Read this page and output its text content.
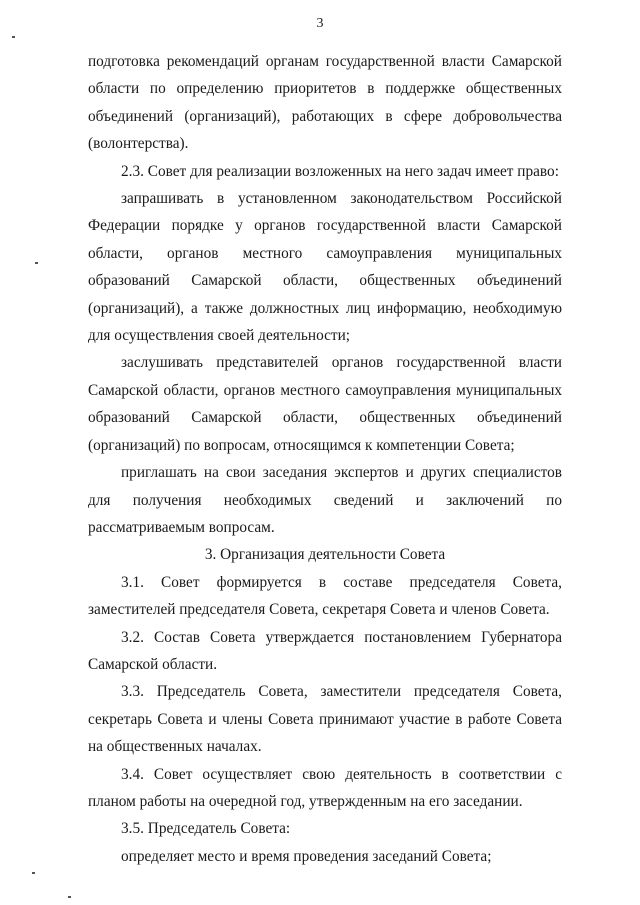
3

подготовка рекомендаций органам государственной власти Самарской области по определению приоритетов в поддержке общественных объединений (организаций), работающих в сфере добровольчества (волонтерства).

2.3. Совет для реализации возложенных на него задач имеет право:

запрашивать в установленном законодательством Российской Федерации порядке у органов государственной власти Самарской области, органов местного самоуправления муниципальных образований Самарской области, общественных объединений (организаций), а также должностных лиц информацию, необходимую для осуществления своей деятельности;

заслушивать представителей органов государственной власти Самарской области, органов местного самоуправления муниципальных образований Самарской области, общественных объединений (организаций) по вопросам, относящимся к компетенции Совета;

приглашать на свои заседания экспертов и других специалистов для получения необходимых сведений и заключений по рассматриваемым вопросам.

3. Организация деятельности Совета

3.1. Совет формируется в составе председателя Совета, заместителей председателя Совета, секретаря Совета и членов Совета.

3.2. Состав Совета утверждается постановлением Губернатора Самарской области.

3.3. Председатель Совета, заместители председателя Совета, секретарь Совета и члены Совета принимают участие в работе Совета на общественных началах.

3.4. Совет осуществляет свою деятельность в соответствии с планом работы на очередной год, утвержденным на его заседании.

3.5. Председатель Совета:

определяет место и время проведения заседаний Совета;
